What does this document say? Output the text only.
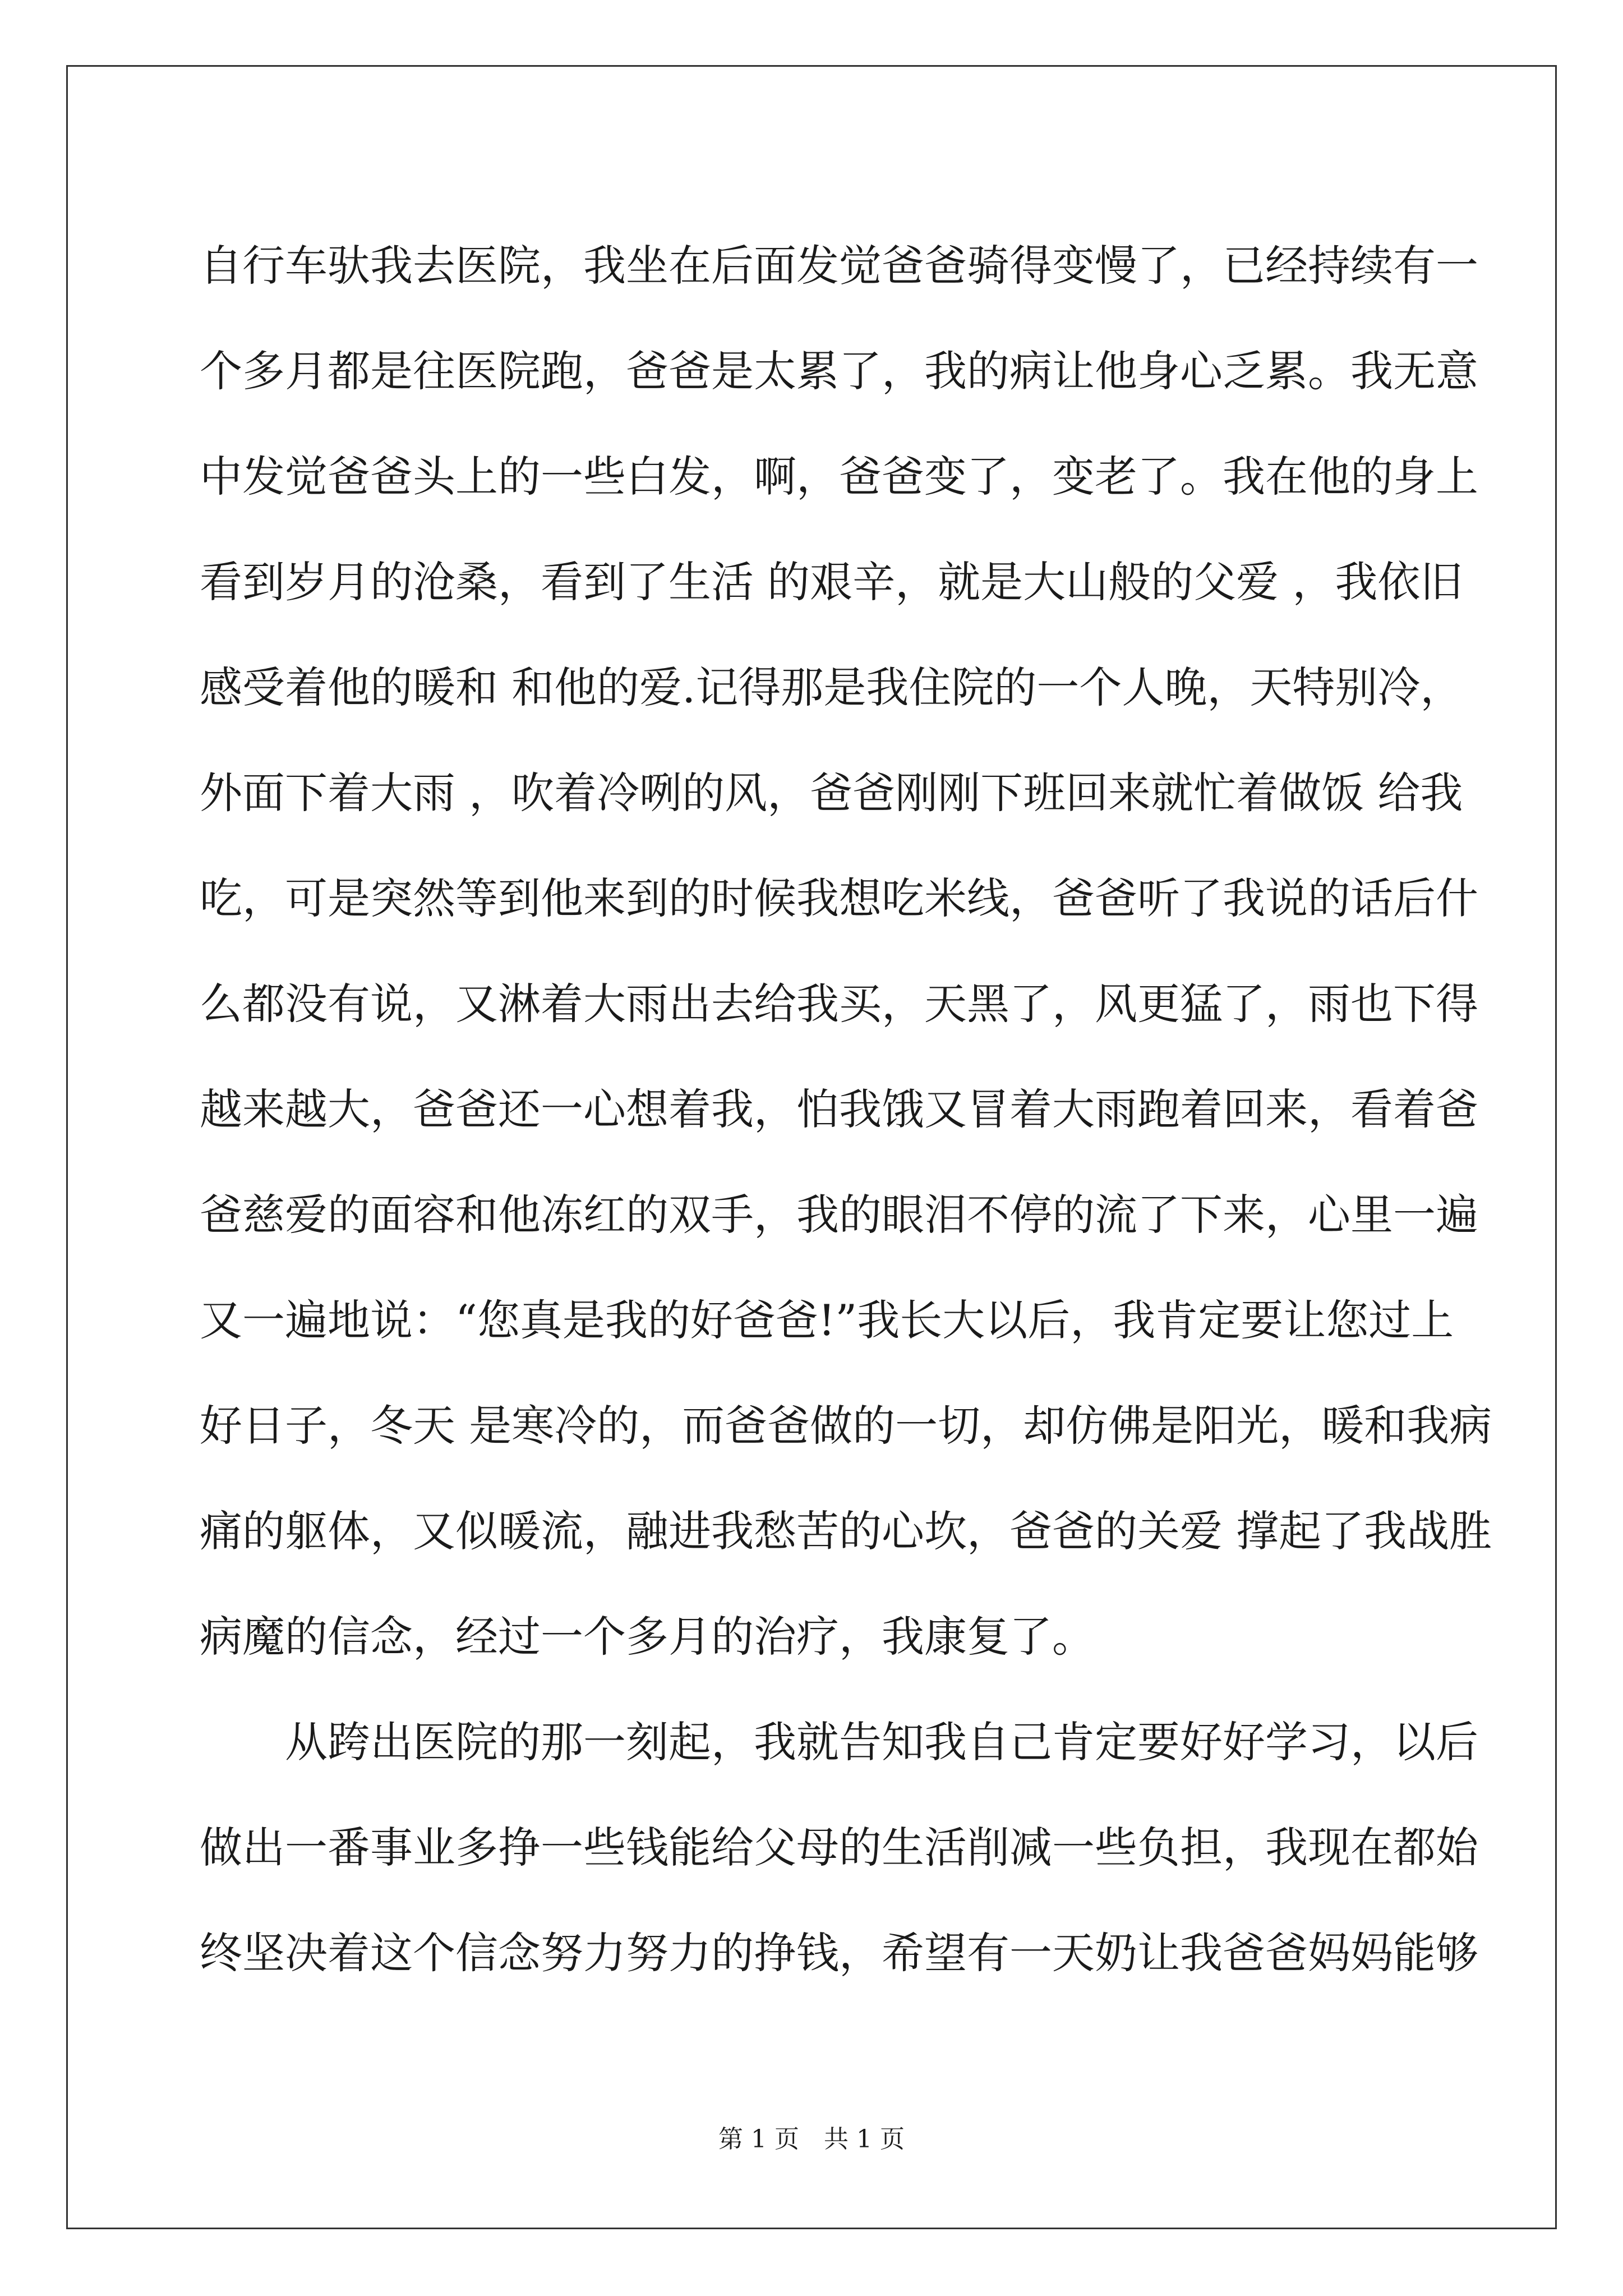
自行车驮我去医院，我坐在后面发觉爸爸骑得变慢了，已经持续有一
个多月都是往医院跑，爸爸是太累了，我的病让他身心乏累。我无意
中发觉爸爸头上的一些白发，啊，爸爸变了，变老了。我在他的身上
看到岁月的沧桑，看到了生活 的艰辛，就是大山般的父爱 ，我依旧
感受着他的暖和 和他的爱.记得那是我住院的一个人晚，天特别冷，
外面下着大雨 ，吹着冷咧的风，爸爸刚刚下班回来就忙着做饭 给我
吃，可是突然等到他来到的时候我想吃米线，爸爸听了我说的话后什
么都没有说，又淋着大雨出去给我买，天黑了，风更猛了，雨也下得
越来越大，爸爸还一心想着我，怕我饿又冒着大雨跑着回来，看着爸
爸慈爱的面容和他冻红的双手，我的眼泪不停的流了下来，心里一遍
又一遍地说：“您真是我的好爸爸!”我长大以后，我肯定要让您过上
好日子，冬天 是寒冷的，而爸爸做的一切，却仿佛是阳光，暖和我病
痛的躯体，又似暖流，融进我愁苦的心坎，爸爸的关爱 撑起了我战胜
病魔的信念，经过一个多月的治疗，我康复了。
　　从跨出医院的那一刻起，我就告知我自己肯定要好好学习，以后
做出一番事业多挣一些钱能给父母的生活削减一些负担，我现在都始
终坚决着这个信念努力努力的挣钱，希望有一天奶让我爸爸妈妈能够
第 1 页　共 1 页
